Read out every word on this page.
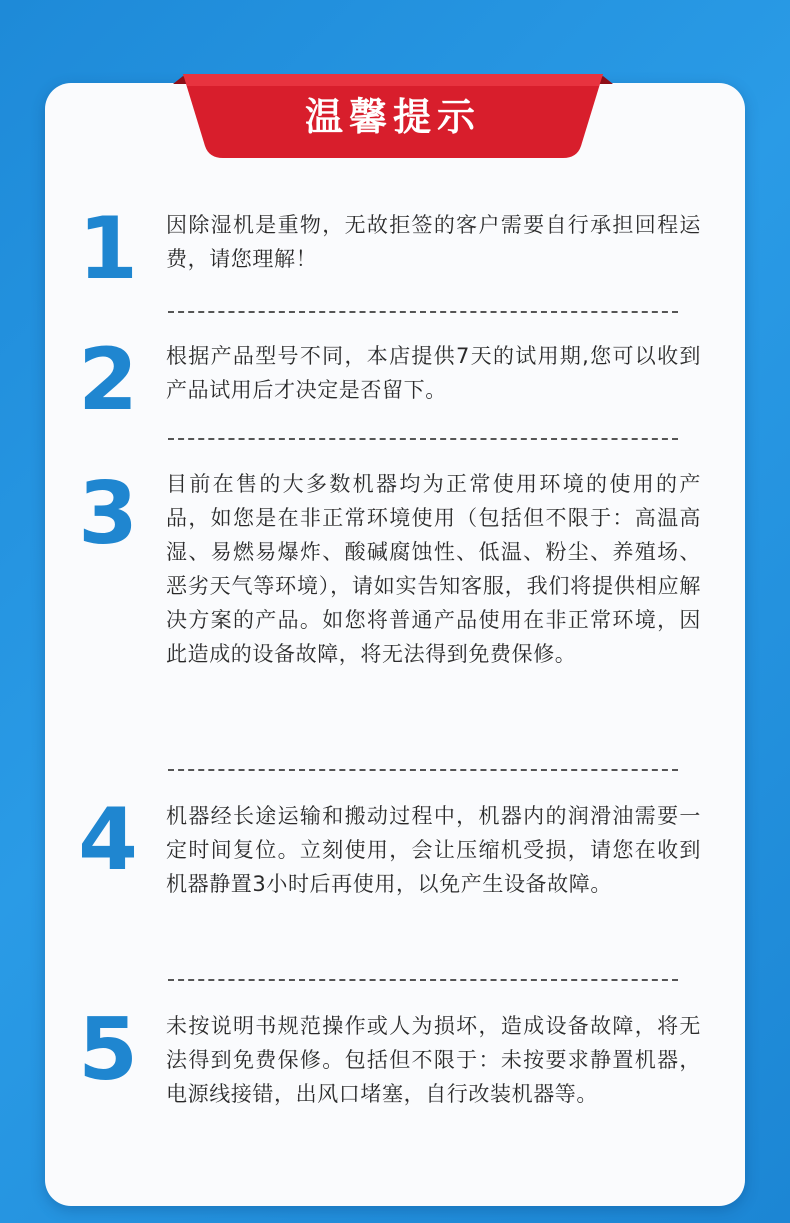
温馨提示
1 因除湿机是重物，无故拒签的客户需要自行承担回程运费，请您理解！
2 根据产品型号不同，本店提供7天的试用期,您可以收到产品试用后才决定是否留下。
3 目前在售的大多数机器均为正常使用环境的使用的产品，如您是在非正常环境使用（包括但不限于：高温高湿、易燃易爆炸、酸碱腐蚀性、低温、粉尘、养殖场、恶劣天气等环境），请如实告知客服，我们将提供相应解决方案的产品。如您将普通产品使用在非正常环境，因此造成的设备故障，将无法得到免费保修。
4 机器经长途运输和搬动过程中，机器内的润滑油需要一定时间复位。立刻使用，会让压缩机受损，请您在收到机器静置3小时后再使用，以免产生设备故障。
5 未按说明书规范操作或人为损坏，造成设备故障，将无法得到免费保修。包括但不限于：未按要求静置机器，电源线接错，出风口堵塞，自行改装机器等。
